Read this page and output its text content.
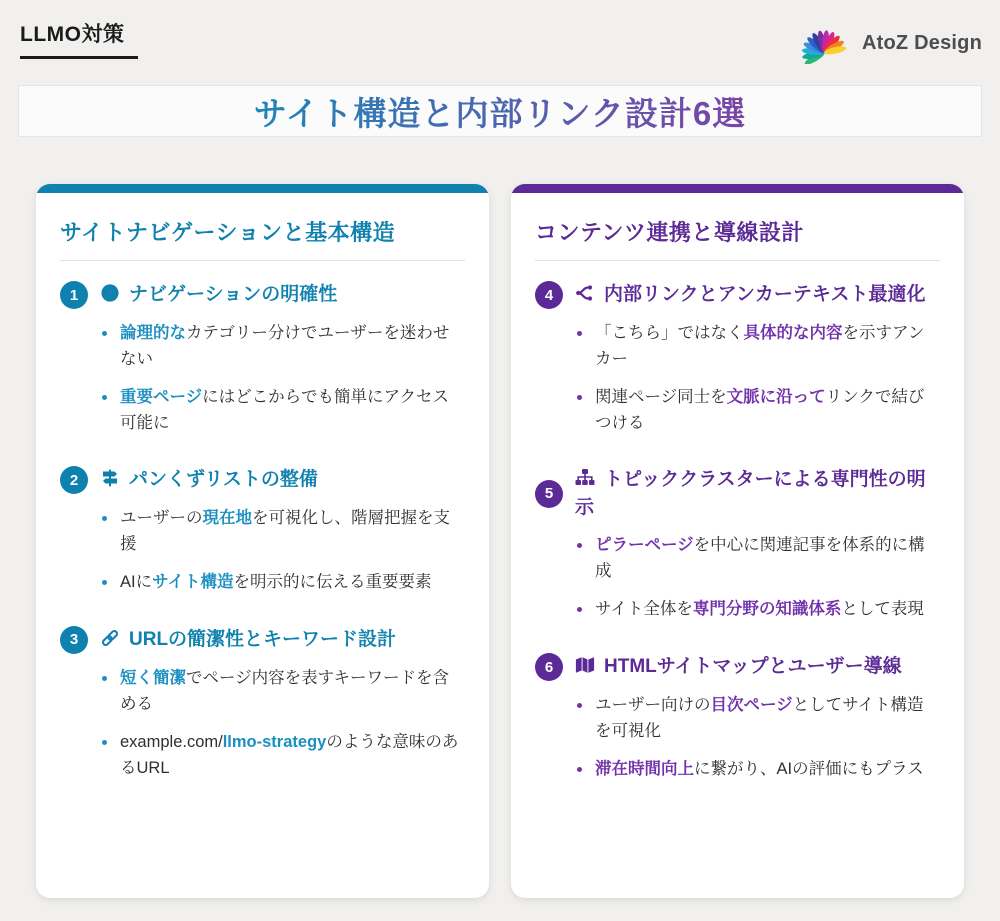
LLMO対策	AtoZ Design
サイト構造と内部リンク設計6選
サイトナビゲーションと基本構造
1	ナビゲーションの明確性
論理的なカテゴリー分けでユーザーを迷わせない
重要ページにはどこからでも簡単にアクセス可能に
2	パンくずリストの整備
ユーザーの現在地を可視化し、階層把握を支援
AIにサイト構造を明示的に伝える重要要素
3	URLの簡潔性とキーワード設計
短く簡潔でページ内容を表すキーワードを含める
example.com/llmo-strategyのような意味のあるURL
コンテンツ連携と導線設計
4	内部リンクとアンカーテキスト最適化
「こちら」ではなく具体的な内容を示すアンカー
関連ページ同士を文脈に沿ってリンクで結びつける
5
トピッククラスターによる専門性の明示
ピラーページを中心に関連記事を体系的に構成
サイト全体を専門分野の知識体系として表現
6	HTMLサイトマップとユーザー導線
ユーザー向けの目次ページとしてサイト構造を可視化
滞在時間向上に繋がり、AIの評価にもプラス
